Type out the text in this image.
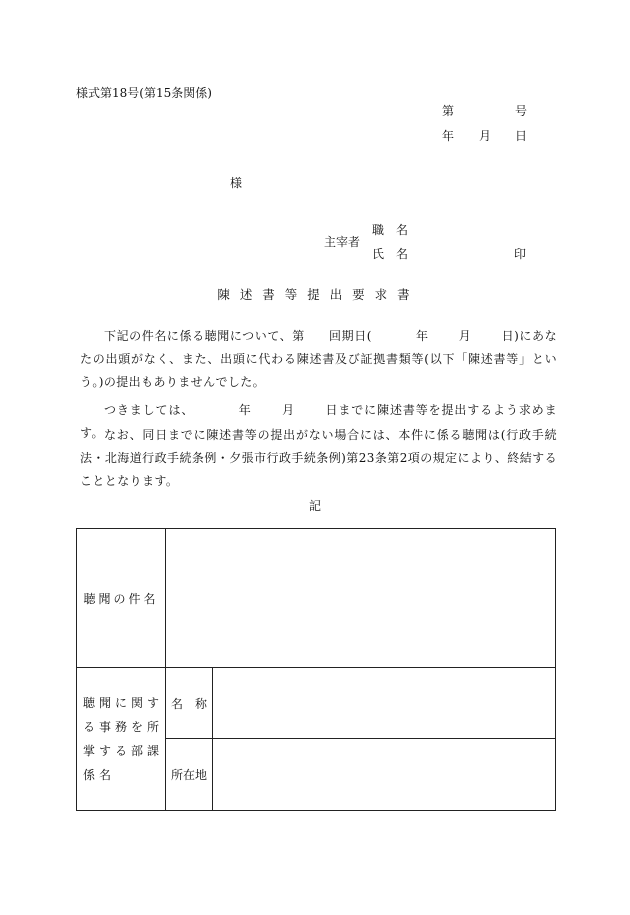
様式第18号(第15条関係)
第	号
年 月 日
様
主宰者
職　名
氏　名	印
陳 述 書 等 提 出 要 求 書

下記の件名に係る聴聞について、第 回期日(	年	月	日)にあなたの出頭がなく、また、出頭に代わる陳述書及び証拠書類等(以下「陳述書等」という。)の提出もありませんでした。

つきましては、	年	月	日までに陳述書等を提出するよう求めます。 なお、同日までに陳述書等の提出がない場合には、本件に係る聴聞は(行政手続法・北海道行政手続条例・夕張市行政手続条例)第23条第2項の規定により、終結することとなります。

記
聴聞の件名		
聴聞に関する事務を所掌する部課係名	名　称	
	所在地	
